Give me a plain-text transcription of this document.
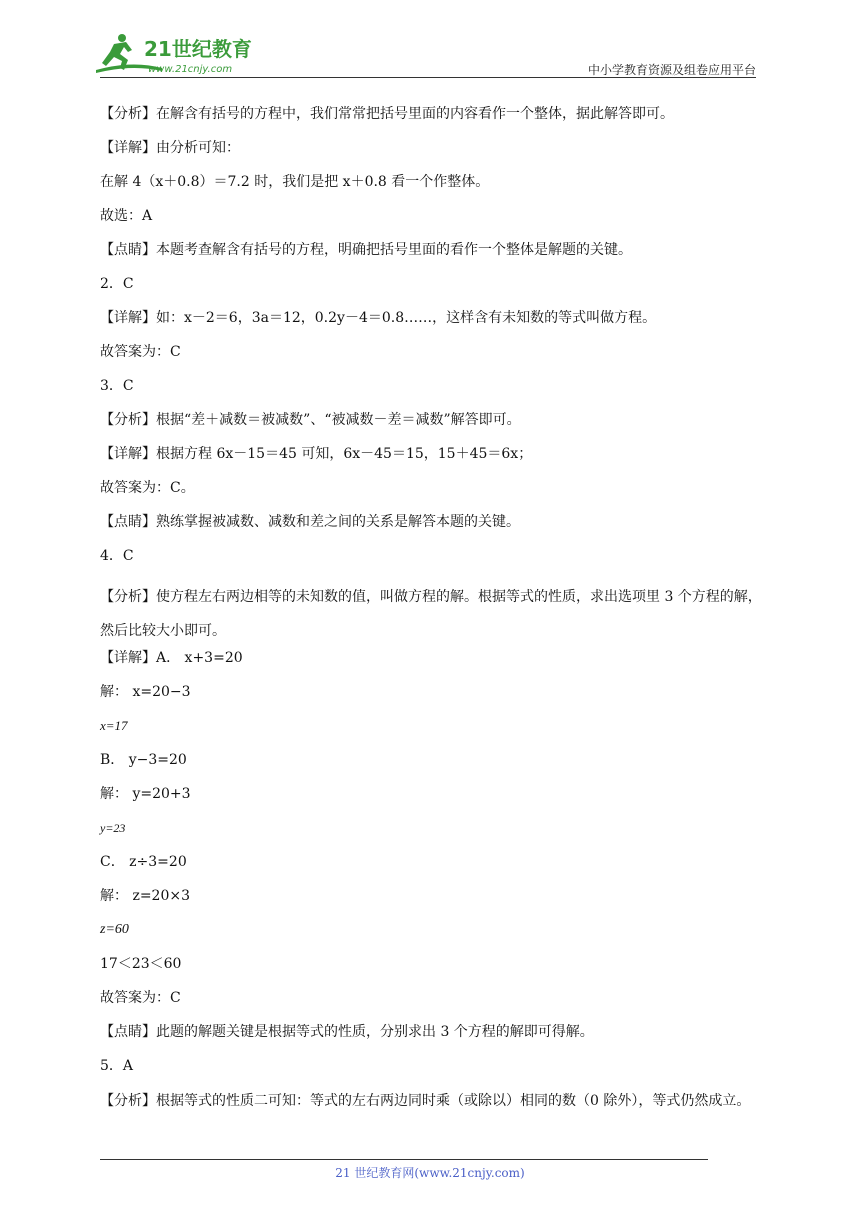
21世纪教育
www.21cnjy.com	中小学教育资源及组卷应用平台

【分析】在解含有括号的方程中，我们常常把括号里面的内容看作一个整体，据此解答即可。

【详解】由分析可知：

在解 4（x＋0.8）＝7.2 时，我们是把 x＋0.8 看一个作整体。

故选：A

【点睛】本题考查解含有括号的方程，明确把括号里面的看作一个整体是解题的关键。

2．C

【详解】如：x－2＝6，3a＝12，0.2y－4＝0.8……，这样含有未知数的等式叫做方程。

故答案为：C

3．C

【分析】根据“差＋减数＝被减数”、“被减数－差＝减数”解答即可。

【详解】根据方程 6x－15＝45 可知，6x－45＝15，15＋45＝6x；

故答案为：C。

【点睛】熟练掌握被减数、减数和差之间的关系是解答本题的关键。

4．C

【分析】使方程左右两边相等的未知数的值，叫做方程的解。根据等式的性质，求出选项里 3 个方程的解，然后比较大小即可。

【详解】A． x+3=20

解： x=20−3

x=17

B． y−3=20

解： y=20+3

y=23

C． z÷3=20

解： z=20×3

z=60

17＜23＜60

故答案为：C

【点睛】此题的解题关键是根据等式的性质，分别求出 3 个方程的解即可得解。

5．A

【分析】根据等式的性质二可知：等式的左右两边同时乘（或除以）相同的数（0 除外），等式仍然成立。

21 世纪教育网(www.21cnjy.com)
